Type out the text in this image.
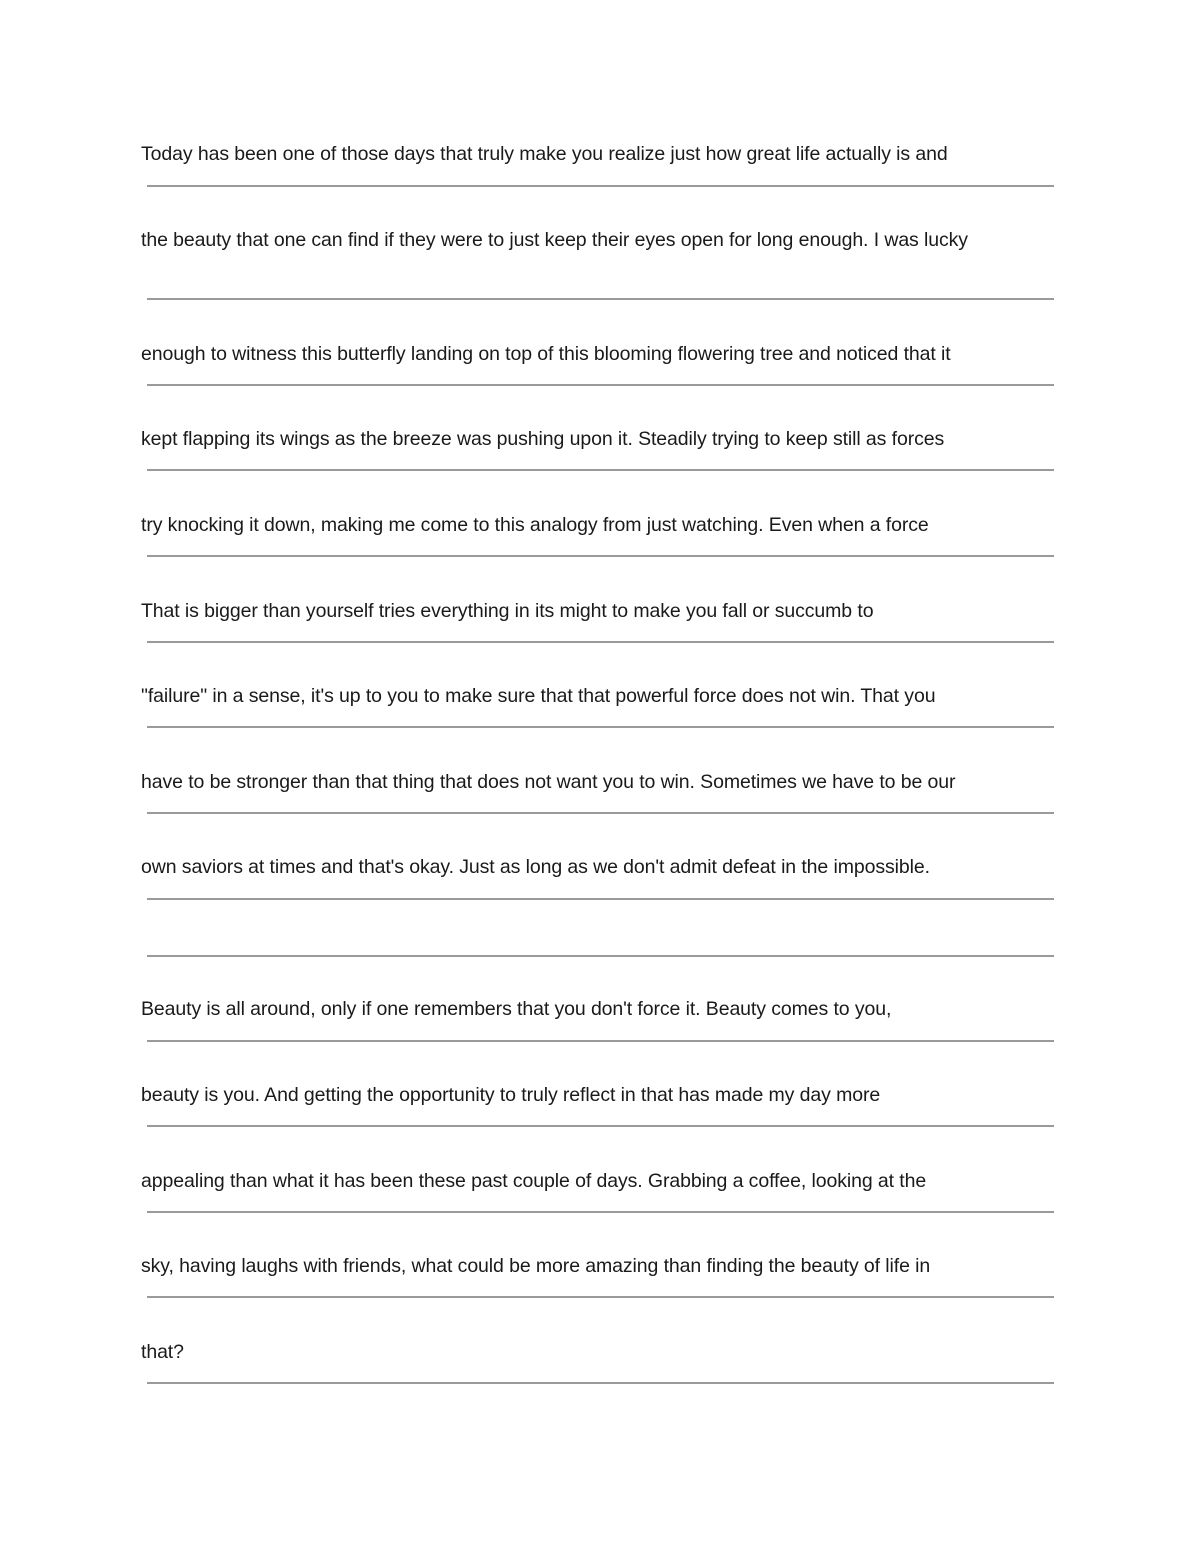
Today has been one of those days that truly make you realize just how great life actually is and
the beauty that one can find if they were to just keep their eyes open for long enough. I was lucky
enough to witness this butterfly landing on top of this blooming flowering tree and noticed that it
kept flapping its wings as the breeze was pushing upon it. Steadily trying to keep still as forces
try knocking it down, making me come to this analogy from just watching. Even when a force
That is bigger than yourself tries everything in its might to make you fall or succumb to
"failure" in a sense, it's up to you to make sure that that powerful force does not win. That you
have to be stronger than that thing that does not want you to win. Sometimes we have to be our
own saviors at times and that's okay. Just as long as we don't admit defeat in the impossible.
Beauty is all around, only if one remembers that you don't force it. Beauty comes to you,
beauty is you. And getting the opportunity to truly reflect in that has made my day more
appealing than what it has been these past couple of days. Grabbing a coffee, looking at the
sky, having laughs with friends, what could be more amazing than finding the beauty of life in
that?
